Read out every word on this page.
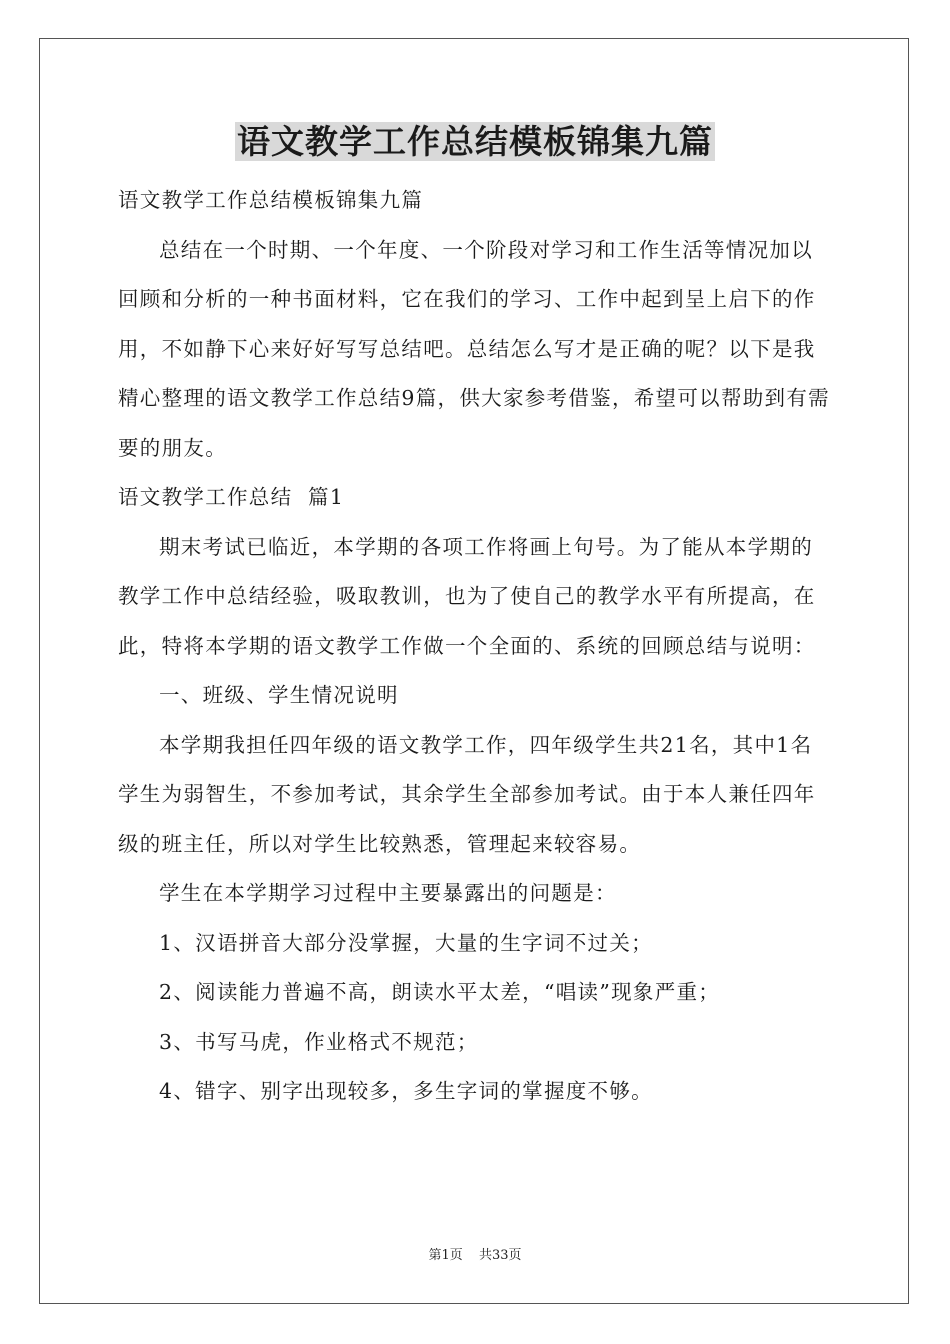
语文教学工作总结模板锦集九篇

语文教学工作总结模板锦集九篇

总结在一个时期、一个年度、一个阶段对学习和工作生活等情况加以回顾和分析的一种书面材料，它在我们的学习、工作中起到呈上启下的作用，不如静下心来好好写写总结吧。总结怎么写才是正确的呢？以下是我精心整理的语文教学工作总结9篇，供大家参考借鉴，希望可以帮助到有需要的朋友。

语文教学工作总结  篇1

期末考试已临近，本学期的各项工作将画上句号。为了能从本学期的教学工作中总结经验，吸取教训，也为了使自己的教学水平有所提高，在此，特将本学期的语文教学工作做一个全面的、系统的回顾总结与说明：

一、班级、学生情况说明

本学期我担任四年级的语文教学工作，四年级学生共21名，其中1名学生为弱智生，不参加考试，其余学生全部参加考试。由于本人兼任四年级的班主任，所以对学生比较熟悉，管理起来较容易。

学生在本学期学习过程中主要暴露出的问题是：

1、汉语拼音大部分没掌握，大量的生字词不过关；

2、阅读能力普遍不高，朗读水平太差，“唱读”现象严重；

3、书写马虎，作业格式不规范；

4、错字、别字出现较多，多生字词的掌握度不够。

第1页 共33页
